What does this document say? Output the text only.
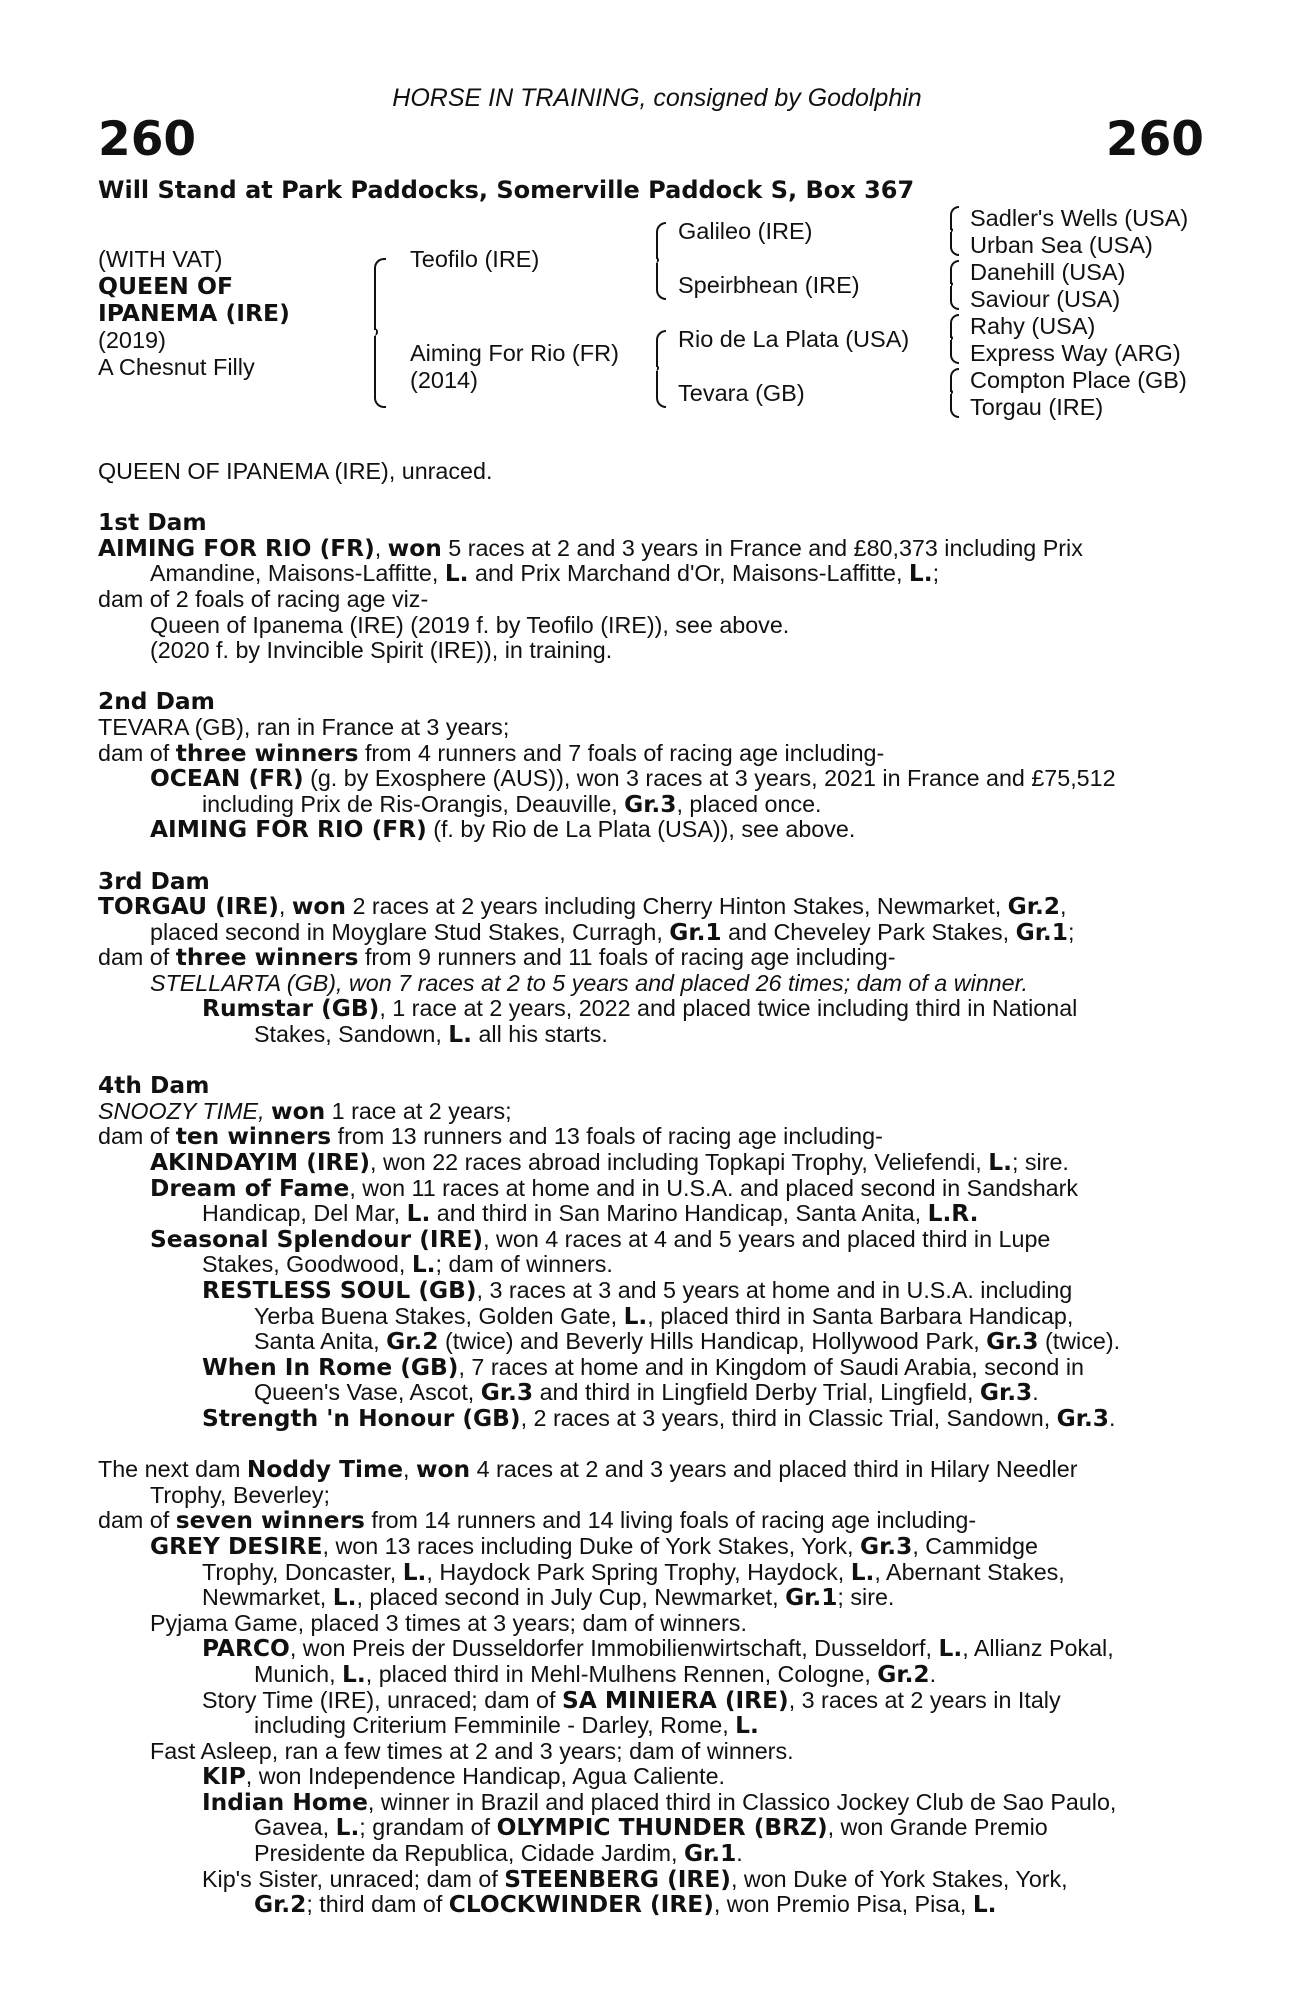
HORSE IN TRAINING, consigned by Godolphin
260	260
Will Stand at Park Paddocks, Somerville Paddock S, Box 367
(WITH VAT)
QUEEN OF
IPANEMA (IRE)
(2019)
A Chesnut Filly
Teofilo (IRE)
Aiming For Rio (FR)
(2014)
Galileo (IRE)
Speirbhean (IRE)
Rio de La Plata (USA)
Tevara (GB)
Sadler's Wells (USA)
Urban Sea (USA)
Danehill (USA)
Saviour (USA)
Rahy (USA)
Express Way (ARG)
Compton Place (GB)
Torgau (IRE)
QUEEN OF IPANEMA (IRE), unraced.
1st Dam
AIMING FOR RIO (FR), won 5 races at 2 and 3 years in France and £80,373 including Prix
Amandine, Maisons-Laffitte, L. and Prix Marchand d'Or, Maisons-Laffitte, L.;
dam of 2 foals of racing age viz-
Queen of Ipanema (IRE) (2019 f. by Teofilo (IRE)), see above.
(2020 f. by Invincible Spirit (IRE)), in training.
2nd Dam
TEVARA (GB), ran in France at 3 years;
dam of three winners from 4 runners and 7 foals of racing age including-
OCEAN (FR) (g. by Exosphere (AUS)), won 3 races at 3 years, 2021 in France and £75,512
including Prix de Ris-Orangis, Deauville, Gr.3, placed once.
AIMING FOR RIO (FR) (f. by Rio de La Plata (USA)), see above.
3rd Dam
TORGAU (IRE), won 2 races at 2 years including Cherry Hinton Stakes, Newmarket, Gr.2,
placed second in Moyglare Stud Stakes, Curragh, Gr.1 and Cheveley Park Stakes, Gr.1;
dam of three winners from 9 runners and 11 foals of racing age including-
STELLARTA (GB), won 7 races at 2 to 5 years and placed 26 times; dam of a winner.
Rumstar (GB), 1 race at 2 years, 2022 and placed twice including third in National
Stakes, Sandown, L. all his starts.
4th Dam
SNOOZY TIME, won 1 race at 2 years;
dam of ten winners from 13 runners and 13 foals of racing age including-
AKINDAYIM (IRE), won 22 races abroad including Topkapi Trophy, Veliefendi, L.; sire.
Dream of Fame, won 11 races at home and in U.S.A. and placed second in Sandshark
Handicap, Del Mar, L. and third in San Marino Handicap, Santa Anita, L.R.
Seasonal Splendour (IRE), won 4 races at 4 and 5 years and placed third in Lupe
Stakes, Goodwood, L.; dam of winners.
RESTLESS SOUL (GB), 3 races at 3 and 5 years at home and in U.S.A. including
Yerba Buena Stakes, Golden Gate, L., placed third in Santa Barbara Handicap,
Santa Anita, Gr.2 (twice) and Beverly Hills Handicap, Hollywood Park, Gr.3 (twice).
When In Rome (GB), 7 races at home and in Kingdom of Saudi Arabia, second in
Queen's Vase, Ascot, Gr.3 and third in Lingfield Derby Trial, Lingfield, Gr.3.
Strength 'n Honour (GB), 2 races at 3 years, third in Classic Trial, Sandown, Gr.3.
The next dam Noddy Time, won 4 races at 2 and 3 years and placed third in Hilary Needler
Trophy, Beverley;
dam of seven winners from 14 runners and 14 living foals of racing age including-
GREY DESIRE, won 13 races including Duke of York Stakes, York, Gr.3, Cammidge
Trophy, Doncaster, L., Haydock Park Spring Trophy, Haydock, L., Abernant Stakes,
Newmarket, L., placed second in July Cup, Newmarket, Gr.1; sire.
Pyjama Game, placed 3 times at 3 years; dam of winners.
PARCO, won Preis der Dusseldorfer Immobilienwirtschaft, Dusseldorf, L., Allianz Pokal,
Munich, L., placed third in Mehl-Mulhens Rennen, Cologne, Gr.2.
Story Time (IRE), unraced; dam of SA MINIERA (IRE), 3 races at 2 years in Italy
including Criterium Femminile - Darley, Rome, L.
Fast Asleep, ran a few times at 2 and 3 years; dam of winners.
KIP, won Independence Handicap, Agua Caliente.
Indian Home, winner in Brazil and placed third in Classico Jockey Club de Sao Paulo,
Gavea, L.; grandam of OLYMPIC THUNDER (BRZ), won Grande Premio
Presidente da Republica, Cidade Jardim, Gr.1.
Kip's Sister, unraced; dam of STEENBERG (IRE), won Duke of York Stakes, York,
Gr.2; third dam of CLOCKWINDER (IRE), won Premio Pisa, Pisa, L.
